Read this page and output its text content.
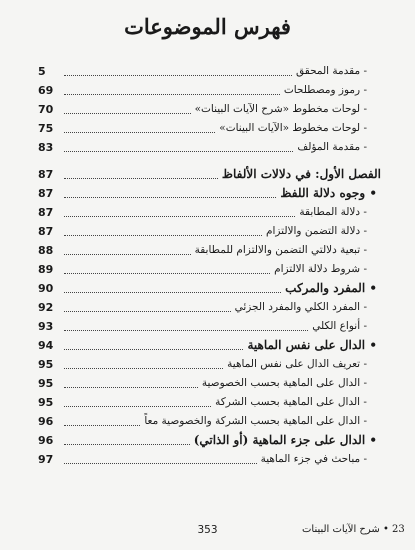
فهرس الموضوعات
- مقدمة المحقق
5
- رموز ومصطلحات
69
- لوحات مخطوط «شرح الآيات البينات»
70
- لوحات مخطوط «الآيات البينات»
75
- مقدمة المؤلف
83
الفصل الأول: في دلالات الألفاظ
87
• وجوه دلالة اللفظ
87
- دلالة المطابقة
87
- دلالة التضمن والالتزام
87
- تبعية دلالتي التضمن والالتزام للمطابقة
88
- شروط دلالة الالتزام
89
• المفرد والمركب
90
- المفرد الكلي والمفرد الجزئي
92
- أنواع الكلي
93
• الدال على نفس الماهية
94
- تعريف الدال على نفس الماهية
95
- الدال على الماهية بحسب الخصوصية
95
- الدال على الماهية بحسب الشركة
95
- الدال على الماهية بحسب الشركة والخصوصية معاً
96
• الدال على جزء الماهية (أو الذاتي)
96
- مباحث في جزء الماهية
97
353	23 • شرح الآيات البينات
